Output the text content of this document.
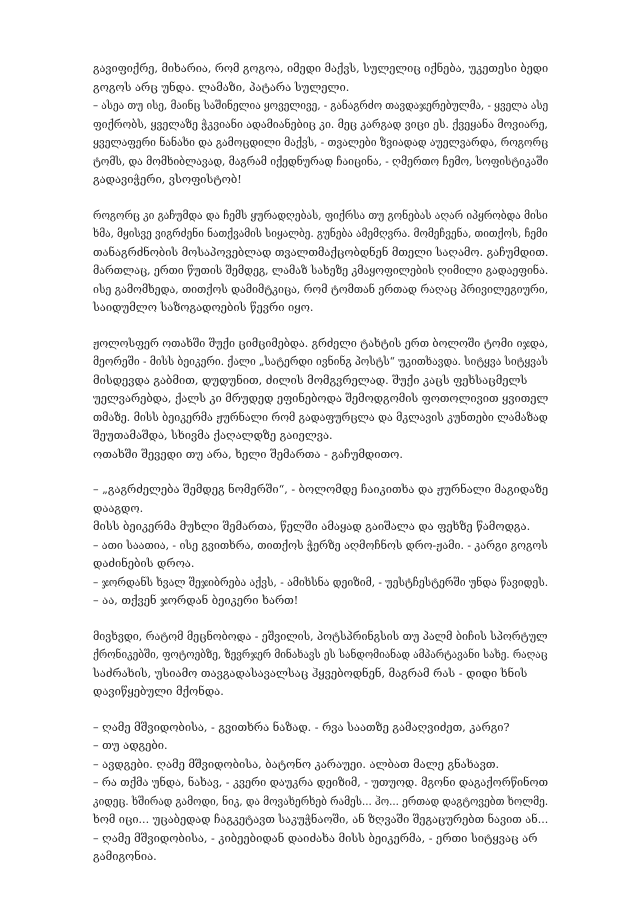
გავიფიქრე, მიხარია, რომ გოგოა, იმედი მაქვს, სულელიც იქნება, უკეთესი ბედი
გოგოს არც უნდა. ლამაზი, პატარა სულელი.
– ასეა თუ ისე, მაინც საშინელია ყოველივე, - განაგრძო თავდაჯერებულმა, - ყველა ასე
ფიქრობს, ყველაზე ჭკვიანი ადამიანებიც კი. მეც კარგად ვიცი ეს. ქვეყანა მოვიარე,
ყველაფერი ნანახი და გამოცდილი მაქვს, - თვალები ზვიადად აუელვარდა, როგორც
ტომს, და მომხიბლავად, მაგრამ იქედნურად ჩაიცინა, - ღმერთო ჩემო, სოფისტიკაში
გადავიჭერი, ვსოფისტობ!
როგორც კი გაჩუმდა და ჩემს ყურადღებას, ფიქრსა თუ გონებას აღარ იპყრობდა მისი
ხმა, მყისვე ვიგრძენი ნათქვამის სიყალბე. გუნება ამემღვრა. მომეჩვენა, თითქოს, ჩემი
თანაგრძნობის მოსაპოვებლად თვალთმაქცობდნენ მთელი საღამო. გაჩუმდით.
მართლაც, ერთი წუთის შემდეგ, ლამაზ სახეზე კმაყოფილების ღიმილი გადაეფინა.
ისე გამომხედა, თითქოს დამიმტკიცა, რომ ტომთან ერთად რაღაც პრივილეგიური,
საიდუმლო საზოგადოების წევრი იყო.
ჟოლოსფერ ოთახში შუქი ციმციმებდა. გრძელი ტახტის ერთ ბოლოში ტომი იჯდა,
მეორეში - მისს ბეიკერი. ქალი „სატერდი ივნინგ პოსტს“ უკითხავდა. სიტყვა სიტყვას
მისდევდა გაბმით, დუდუნით, ძილის მომგვრელად. შუქი კაცს ფეხსაცმელს
უელვარებდა, ქალს კი მრუდედ ეფინებოდა შემოდგომის ფოთოლივით ყვითელ
თმაზე. მისს ბეიკერმა ჟურნალი რომ გადაფურცლა და მკლავის კუნთები ლამაზად
შეუთამაშდა, სხივმა ქაღალდზე გაიელვა.
ოთახში შევედი თუ არა, ხელი შემართა - გაჩუმდითო.
– „გაგრძელება შემდეგ ნომერში“, - ბოლომდე ჩაიკითხა და ჟურნალი მაგიდაზე
დააგდო.
მისს ბეიკერმა მუხლი შემართა, წელში ამაყად გაიშალა და ფეხზე წამოდგა.
– ათი საათია, - ისე გვითხრა, თითქოს ჭერზე აღმოჩნოს დრო-ჟამი. - კარგი გოგოს
დაძინების დროა.
– ჯორდანს ხვალ შეჯიბრება აქვს, - ამიხსნა დეიზიმ, - უესტჩესტერში უნდა წავიდეს.
– აა, თქვენ ჯორდან ბეიკერი ხართ!
მივხვდი, რატომ მეცნობოდა - ეშვილის, პოტსპრინგსის თუ პალმ ბიჩის სპორტულ
ქრონიკებში, ფოტოებზე, ზევრჯერ მინახავს ეს სანდომიანად ამპარტავანი სახე. რაღაც
საძრახის, უსიამო თავგადასავალსაც ჰყვებოდნენ, მაგრამ რას - დიდი ხნის
დავიწყებული მქონდა.
– ღამე მშვიდობისა, - გვითხრა ნაზად. - რვა საათზე გამაღვიძეთ, კარგი?
– თუ ადგები.
– ავდგები. ღამე მშვიდობისა, ბატონო კარაუეი. ალბათ მალე გნახავთ.
– რა თქმა უნდა, ნახავ, - კვერი დაუკრა დეიზიმ, - უთუოდ. მგონი დაგაქორწინოთ
კიდეც. ხშირად გამოდი, ნიკ, და მოვახერხებ რამეს... ჰო... ერთად დაგტოვებთ ხოლმე.
ხომ იცი... უცაბედად ჩაგკეტავთ საკუჭნაოში, ან ზღვაში შეგაცურებთ ნავით ან...
– ღამე მშვიდობისა, - კიბეებიდან დაიძახა მისს ბეიკერმა, - ერთი სიტყვაც არ
გამიგონია.
